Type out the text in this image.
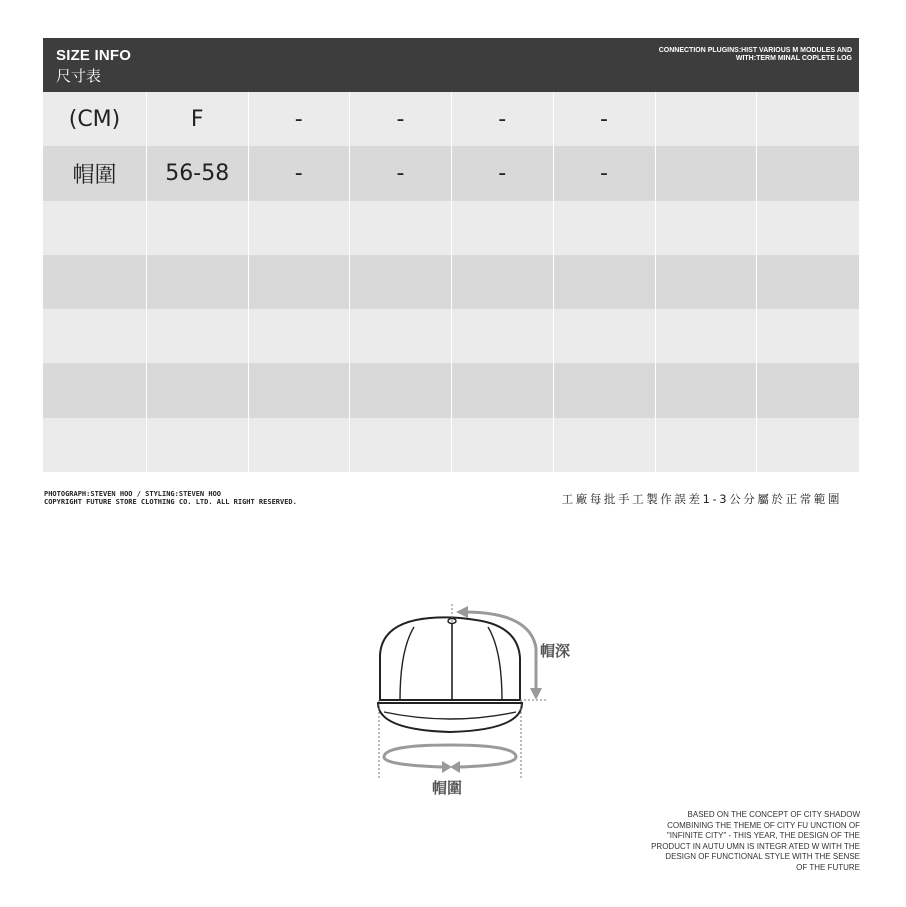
SIZE INFO
尺寸表
CONNECTION PLUGINS:HIST VARIOUS M MODULES AND
WITH:TERM MINAL COPLETE LOG
(CM)	F	-	-	-	-
帽圍	56-58	-	-	-	-
PHOTOGRAPH:STEVEN HOO / STYLING:STEVEN HOO
COPYRIGHT FUTURE STORE CLOTHING CO. LTD. ALL RIGHT RESERVED.	工廠每批手工製作誤差1-3公分屬於正常範圍
帽深
帽圍
BASED ON THE CONCEPT OF CITY SHADOW
COMBINING THE THEME OF CITY FU UNCTION OF
"INFINITE CITY" - THIS YEAR, THE DESIGN OF THE
PRODUCT IN AUTU UMN IS INTEGR ATED W WITH THE
DESIGN OF FUNCTIONAL STYLE WITH THE SENSE
OF THE FUTURE
